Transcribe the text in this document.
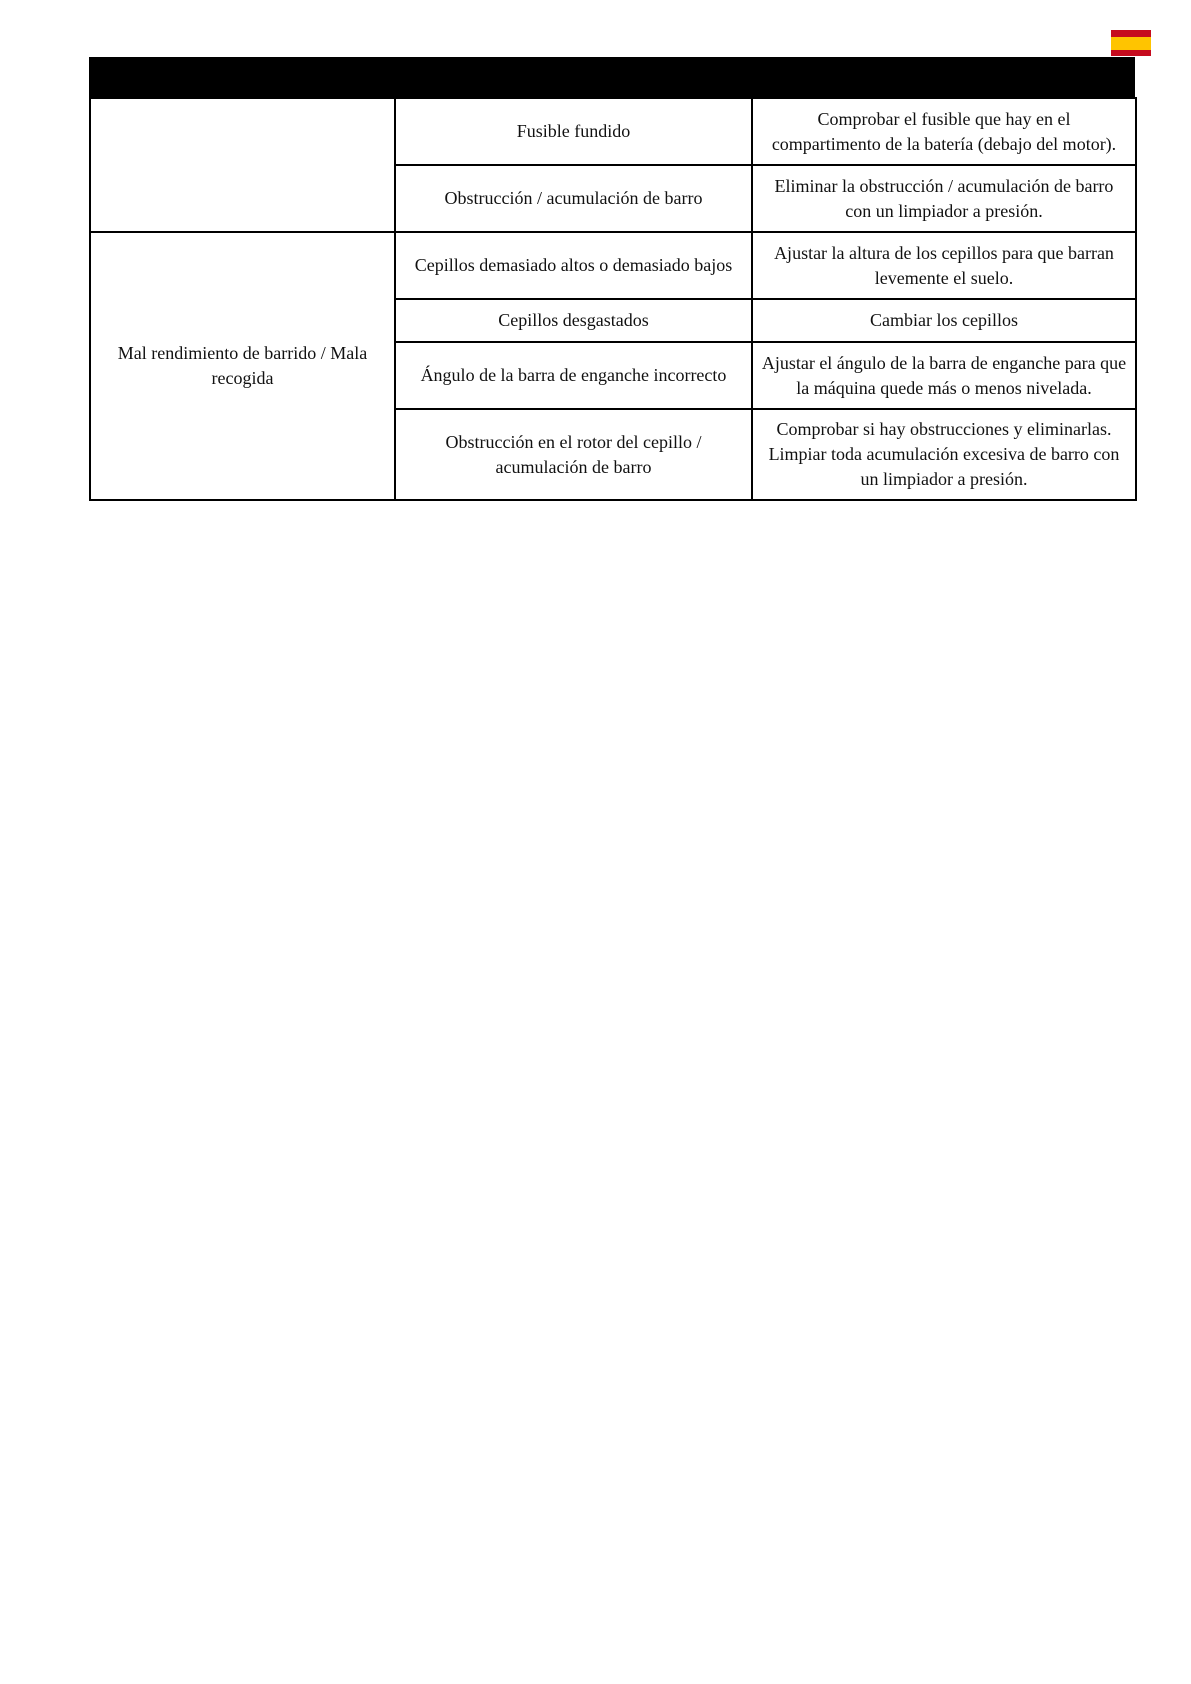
	Fusible fundido	Comprobar el fusible que hay en el compartimento de la batería (debajo del motor).
	Obstrucción / acumulación de barro	Eliminar la obstrucción / acumulación de barro con un limpiador a presión.
Mal rendimiento de barrido / Mala recogida	Cepillos demasiado altos o demasiado bajos	Ajustar la altura de los cepillos para que barran levemente el suelo.
	Cepillos desgastados	Cambiar los cepillos
	Ángulo de la barra de enganche incorrecto	Ajustar el ángulo de la barra de enganche para que la máquina quede más o menos nivelada.
	Obstrucción en el rotor del cepillo / acumulación de barro	Comprobar si hay obstrucciones y eliminarlas. Limpiar toda acumulación excesiva de barro con un limpiador a presión.
